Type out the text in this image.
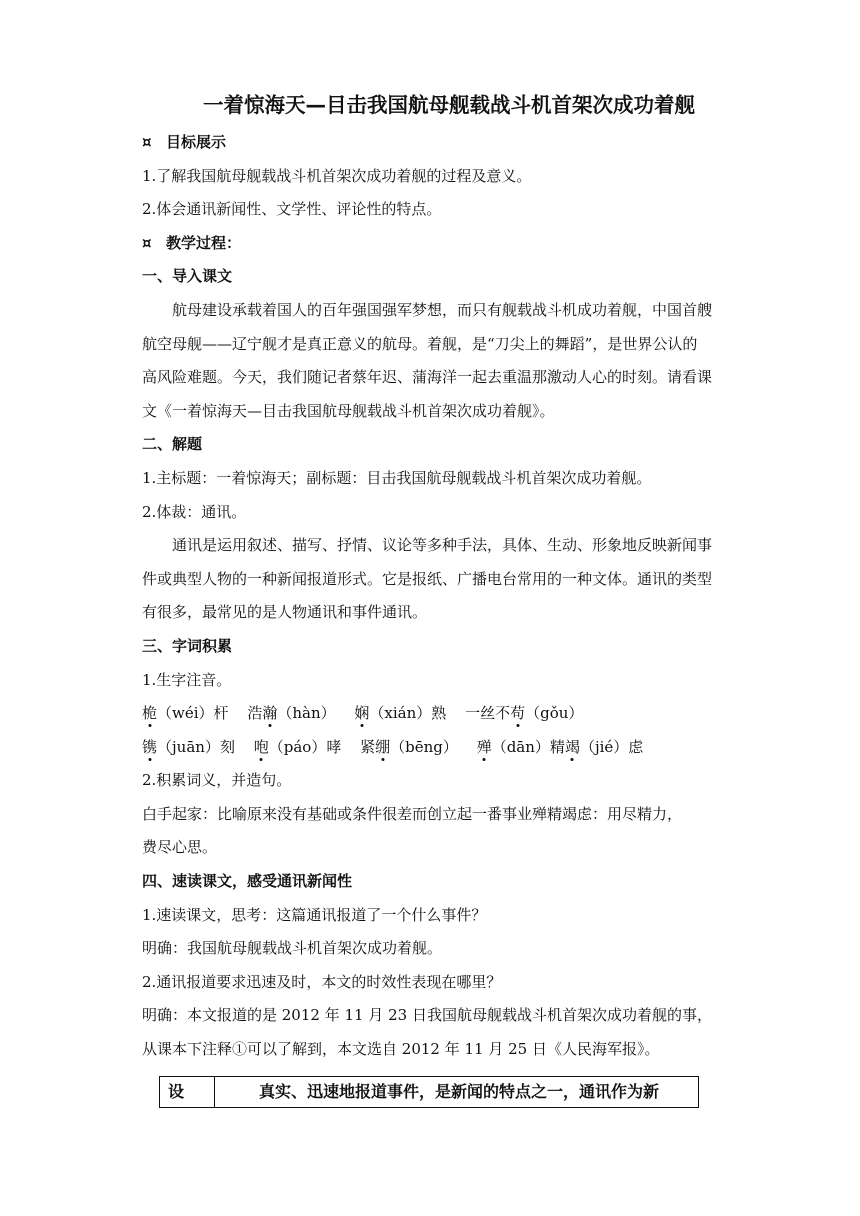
一着惊海天—目击我国航母舰载战斗机首架次成功着舰
¤ 目标展示
1.了解我国航母舰载战斗机首架次成功着舰的过程及意义。
2.体会通讯新闻性、文学性、评论性的特点。
¤ 教学过程：
一、导入课文
航母建设承载着国人的百年强国强军梦想，而只有舰载战斗机成功着舰，中国首艘
航空母舰——辽宁舰才是真正意义的航母。着舰，是“刀尖上的舞蹈”，是世界公认的
高风险难题。今天，我们随记者蔡年迟、蒲海洋一起去重温那激动人心的时刻。请看课
文《一着惊海天—目击我国航母舰载战斗机首架次成功着舰》。
二、解题
1.主标题：一着惊海天；副标题：目击我国航母舰载战斗机首架次成功着舰。
2.体裁：通讯。
通讯是运用叙述、描写、抒情、议论等多种手法，具体、生动、形象地反映新闻事
件或典型人物的一种新闻报道形式。它是报纸、广播电台常用的一种文体。通讯的类型
有很多，最常见的是人物通讯和事件通讯。
三、字词积累
1.生字注音。
桅（wéi）杆 浩瀚（hàn） 娴（xián）熟 一丝不苟（gǒu）
镌（juān）刻 咆（páo）哮 紧绷（bēng） 殚（dān）精竭（jié）虑
2.积累词义，并造句。
白手起家：比喻原来没有基础或条件很差而创立起一番事业殚精竭虑：用尽精力，
费尽心思。
四、速读课文，感受通讯新闻性
1.速读课文，思考：这篇通讯报道了一个什么事件？
明确：我国航母舰载战斗机首架次成功着舰。
2.通讯报道要求迅速及时，本文的时效性表现在哪里？
明确：本文报道的是 2012 年 11 月 23 日我国航母舰载战斗机首架次成功着舰的事，
从课本下注释①可以了解到，本文选自 2012 年 11 月 25 日《人民海军报》。
设	真实、迅速地报道事件，是新闻的特点之一，通讯作为新
